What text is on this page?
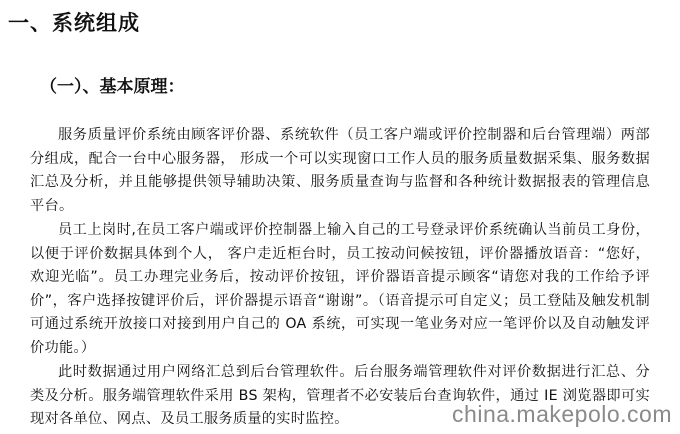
一、系统组成
（一）、基本原理：

服务质量评价系统由顾客评价器、系统软件（员工客户端或评价控制器和后台管理端）两部分组成，配合一台中心服务器， 形成一个可以实现窗口工作人员的服务质量数据采集、服务数据汇总及分析，并且能够提供领导辅助决策、服务质量查询与监督和各种统计数据报表的管理信息平台。

员工上岗时,在员工客户端或评价控制器上输入自己的工号登录评价系统确认当前员工身份，以便于评价数据具体到个人， 客户走近柜台时，员工按动问候按钮，评价器播放语音：“您好，欢迎光临”。员工办理完业务后，按动评价按钮，评价器语音提示顾客“请您对我的工作给予评价”，客户选择按键评价后，评价器提示语音“谢谢”。（语音提示可自定义；员工登陆及触发机制可通过系统开放接口对接到用户自己的 OA 系统，可实现一笔业务对应一笔评价以及自动触发评价功能。）

此时数据通过用户网络汇总到后台管理软件。后台服务端管理软件对评价数据进行汇总、分类及分析。服务端管理软件采用 BS 架构，管理者不必安装后台查询软件，通过 IE 浏览器即可实现对各单位、网点、及员工服务质量的实时监控。	china.makepolo.com
